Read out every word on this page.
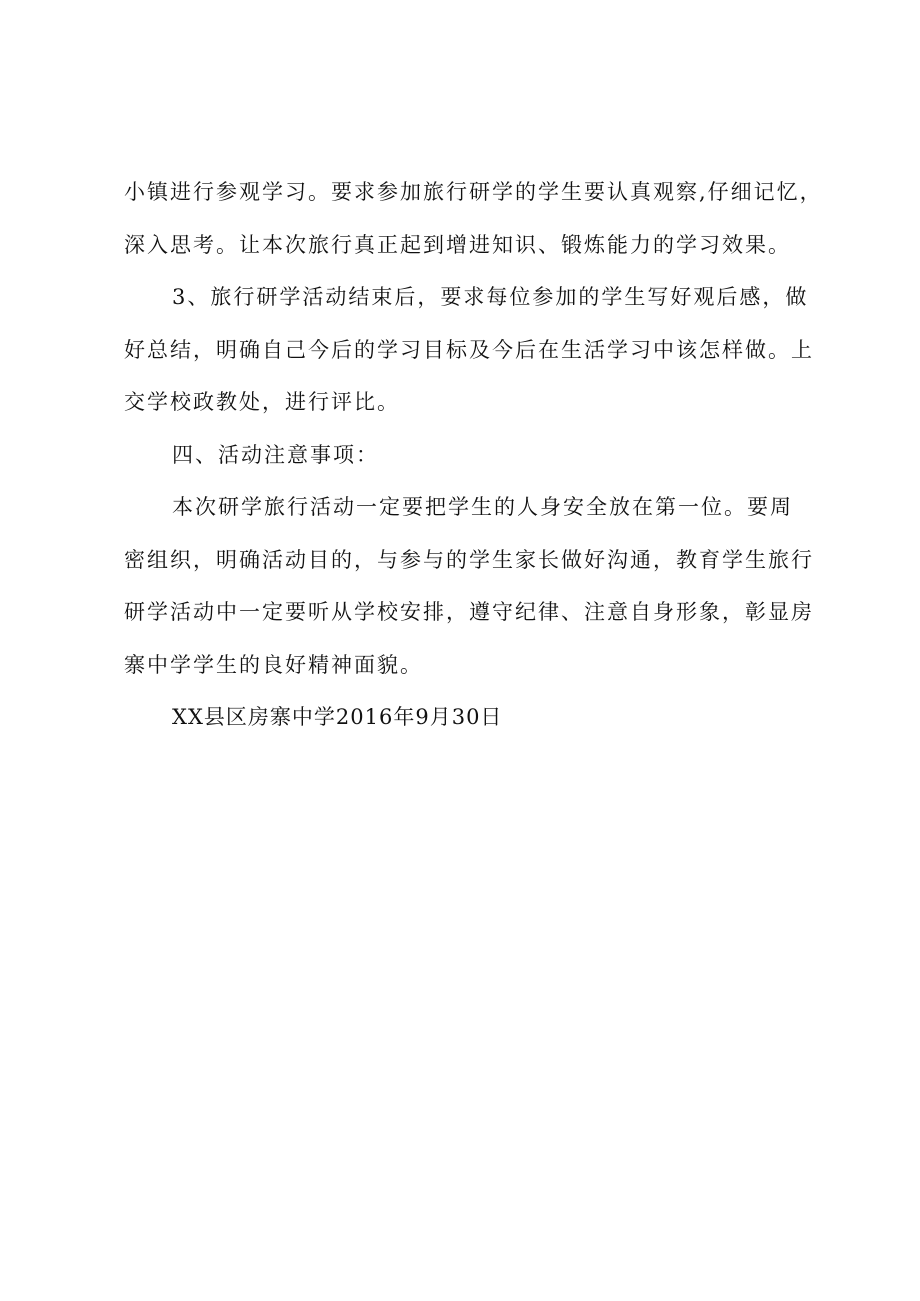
小镇进行参观学习。要求参加旅行研学的学生要认真观察,仔细记忆，
深入思考。让本次旅行真正起到增进知识、锻炼能力的学习效果。
3、旅行研学活动结束后，要求每位参加的学生写好观后感，做
好总结，明确自己今后的学习目标及今后在生活学习中该怎样做。上
交学校政教处，进行评比。
四、活动注意事项：
本次研学旅行活动一定要把学生的人身安全放在第一位。要周
密组织，明确活动目的，与参与的学生家长做好沟通，教育学生旅行
研学活动中一定要听从学校安排，遵守纪律、注意自身形象，彰显房
寨中学学生的良好精神面貌。
XX县区房寨中学2016年9月30日
